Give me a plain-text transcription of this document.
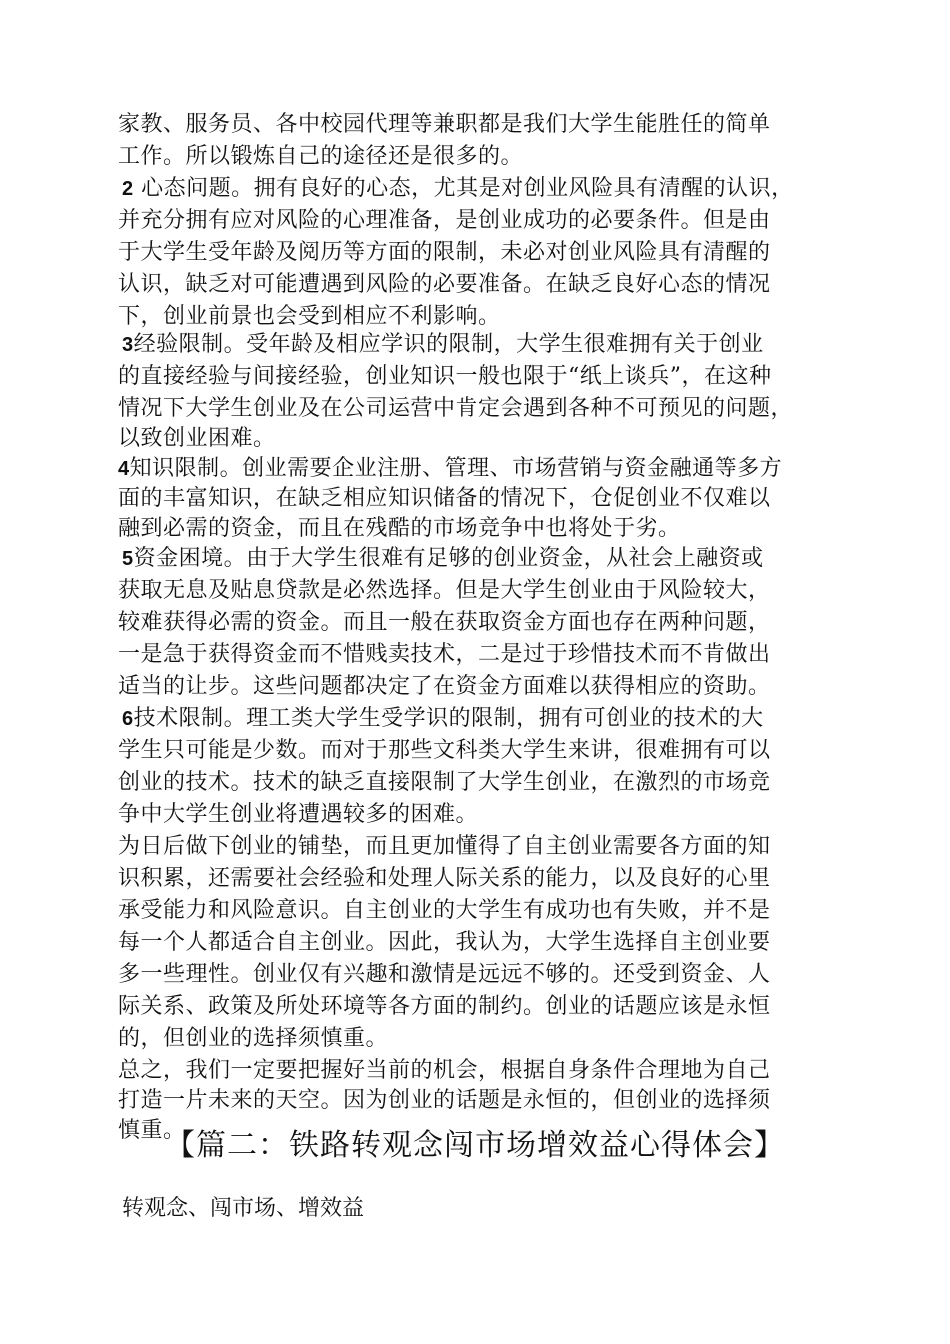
家教、服务员、各中校园代理等兼职都是我们大学生能胜任的简单
工作。所以锻炼自己的途径还是很多的。
2 心态问题。拥有良好的心态，尤其是对创业风险具有清醒的认识，
并充分拥有应对风险的心理准备，是创业成功的必要条件。但是由
于大学生受年龄及阅历等方面的限制，未必对创业风险具有清醒的
认识，缺乏对可能遭遇到风险的必要准备。在缺乏良好心态的情况
下，创业前景也会受到相应不利影响。
3经验限制。受年龄及相应学识的限制，大学生很难拥有关于创业
的直接经验与间接经验，创业知识一般也限于“纸上谈兵”，在这种
情况下大学生创业及在公司运营中肯定会遇到各种不可预见的问题，
以致创业困难。
4知识限制。创业需要企业注册、管理、市场营销与资金融通等多方
面的丰富知识，在缺乏相应知识储备的情况下，仓促创业不仅难以
融到必需的资金，而且在残酷的市场竞争中也将处于劣。
5资金困境。由于大学生很难有足够的创业资金，从社会上融资或
获取无息及贴息贷款是必然选择。但是大学生创业由于风险较大，
较难获得必需的资金。而且一般在获取资金方面也存在两种问题，
一是急于获得资金而不惜贱卖技术，二是过于珍惜技术而不肯做出
适当的让步。这些问题都决定了在资金方面难以获得相应的资助。
6技术限制。理工类大学生受学识的限制，拥有可创业的技术的大
学生只可能是少数。而对于那些文科类大学生来讲，很难拥有可以
创业的技术。技术的缺乏直接限制了大学生创业，在激烈的市场竞
争中大学生创业将遭遇较多的困难。
为日后做下创业的铺垫，而且更加懂得了自主创业需要各方面的知
识积累，还需要社会经验和处理人际关系的能力，以及良好的心里
承受能力和风险意识。自主创业的大学生有成功也有失败，并不是
每一个人都适合自主创业。因此，我认为，大学生选择自主创业要
多一些理性。创业仅有兴趣和激情是远远不够的。还受到资金、人
际关系、政策及所处环境等各方面的制约。创业的话题应该是永恒
的，但创业的选择须慎重。
总之，我们一定要把握好当前的机会，根据自身条件合理地为自己
打造一片未来的天空。因为创业的话题是永恒的，但创业的选择须
慎重。
【篇二：铁路转观念闯市场增效益心得体会】
转观念、闯市场、增效益
